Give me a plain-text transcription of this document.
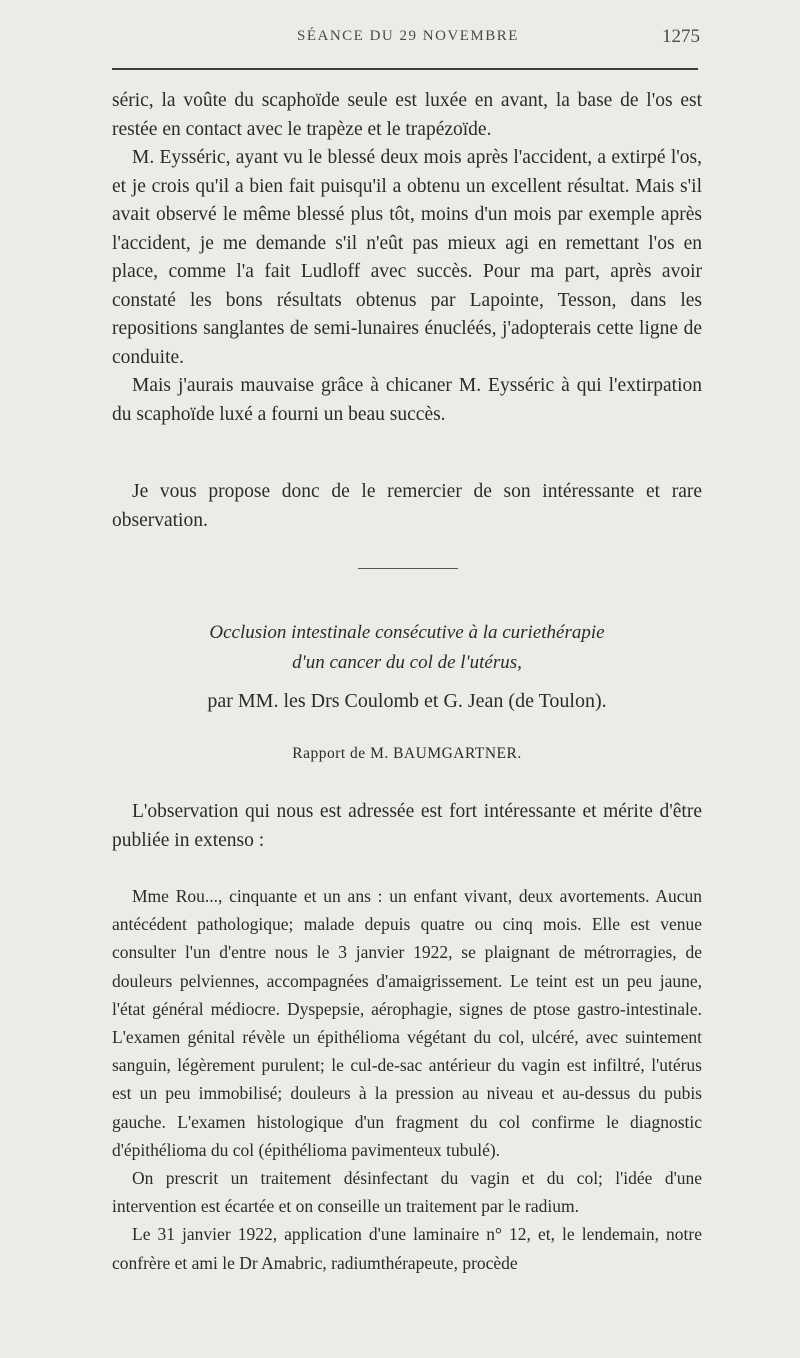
SÉANCE DU 29 NOVEMBRE	1275

séric, la voûte du scaphoïde seule est luxée en avant, la base de l'os est restée en contact avec le trapèze et le trapézoïde.

M. Eysséric, ayant vu le blessé deux mois après l'accident, a extirpé l'os, et je crois qu'il a bien fait puisqu'il a obtenu un excellent résultat. Mais s'il avait observé le même blessé plus tôt, moins d'un mois par exemple après l'accident, je me demande s'il n'eût pas mieux agi en remettant l'os en place, comme l'a fait Ludloff avec succès. Pour ma part, après avoir constaté les bons résultats obtenus par Lapointe, Tesson, dans les repositions sanglantes de semi-lunaires énucléés, j'adopterais cette ligne de conduite.

Mais j'aurais mauvaise grâce à chicaner M. Eysséric à qui l'extirpation du scaphoïde luxé a fourni un beau succès.

Je vous propose donc de le remercier de son intéressante et rare observation.

Occlusion intestinale consécutive à la curiethérapie

d'un cancer du col de l'utérus,

par MM. les Drs Coulomb et G. Jean (de Toulon).
Rapport de M. BAUMGARTNER.

L'observation qui nous est adressée est fort intéressante et mérite d'être publiée in extenso :

Mme Rou..., cinquante et un ans : un enfant vivant, deux avortements. Aucun antécédent pathologique; malade depuis quatre ou cinq mois. Elle est venue consulter l'un d'entre nous le 3 janvier 1922, se plaignant de métrorragies, de douleurs pelviennes, accompagnées d'amaigrissement. Le teint est un peu jaune, l'état général médiocre. Dyspepsie, aérophagie, signes de ptose gastro-intestinale. L'examen génital révèle un épithélioma végétant du col, ulcéré, avec suintement sanguin, légèrement purulent; le cul-de-sac antérieur du vagin est infiltré, l'utérus est un peu immobilisé; douleurs à la pression au niveau et au-dessus du pubis gauche. L'examen histologique d'un fragment du col confirme le diagnostic d'épithélioma du col (épithélioma pavimenteux tubulé).

On prescrit un traitement désinfectant du vagin et du col; l'idée d'une intervention est écartée et on conseille un traitement par le radium.

Le 31 janvier 1922, application d'une laminaire n° 12, et, le lendemain, notre confrère et ami le Dr Amabric, radiumthérapeute, procède
